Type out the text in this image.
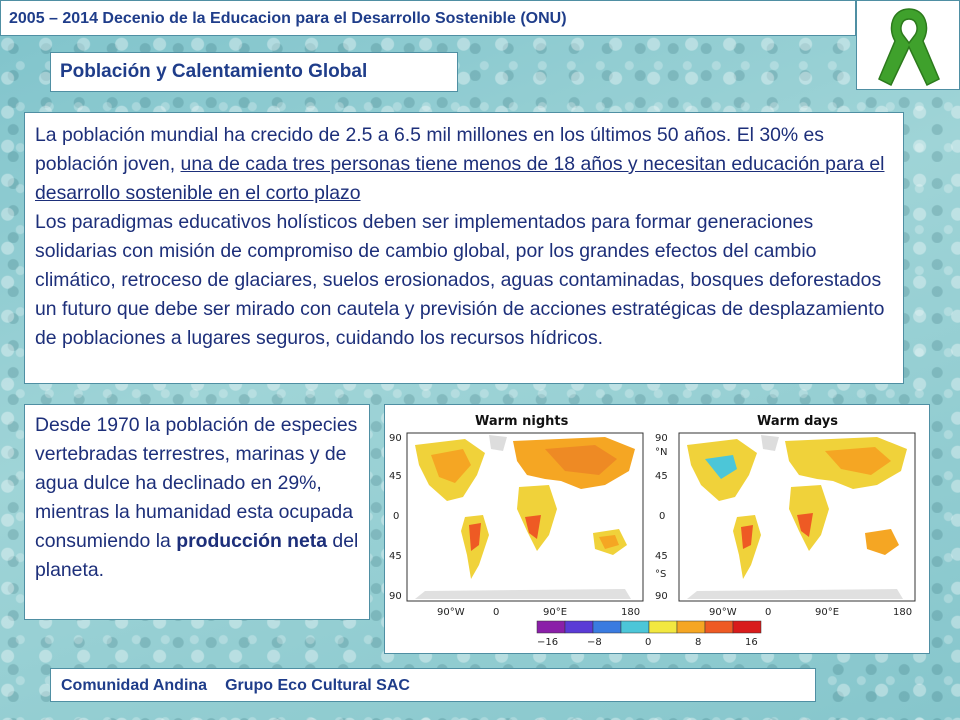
2005 – 2014 Decenio de la Educacion para el Desarrollo Sostenible (ONU)
Población y Calentamiento Global

La población mundial ha crecido de 2.5 a 6.5 mil millones en los últimos 50 años. El 30% es población joven, una de cada tres personas tiene menos de 18 años y necesitan educación para el desarrollo sostenible en el corto plazo

Los paradigmas educativos holísticos deben ser implementados para formar generaciones solidarias con misión de compromiso de cambio global, por los grandes efectos del cambio climático, retroceso de glaciares, suelos erosionados, aguas contaminadas, bosques deforestados un futuro que debe ser mirado con cautela y previsión de acciones estratégicas de desplazamiento de poblaciones a lugares seguros, cuidando los recursos hídricos.

Desde 1970 la población de especies vertebradas terrestres, marinas y de agua dulce ha declinado en 29%, mientras la humanidad esta ocupada consumiendo la producción neta del planeta.
Warm nights
90
45
0
45
90
90°W	0	90°E	180
Warm days
90
°N
45
0
45
°S
90
90°W	0	90°E	180
−16	−8	0	8	16
Comunidad Andina Grupo Eco Cultural SAC
